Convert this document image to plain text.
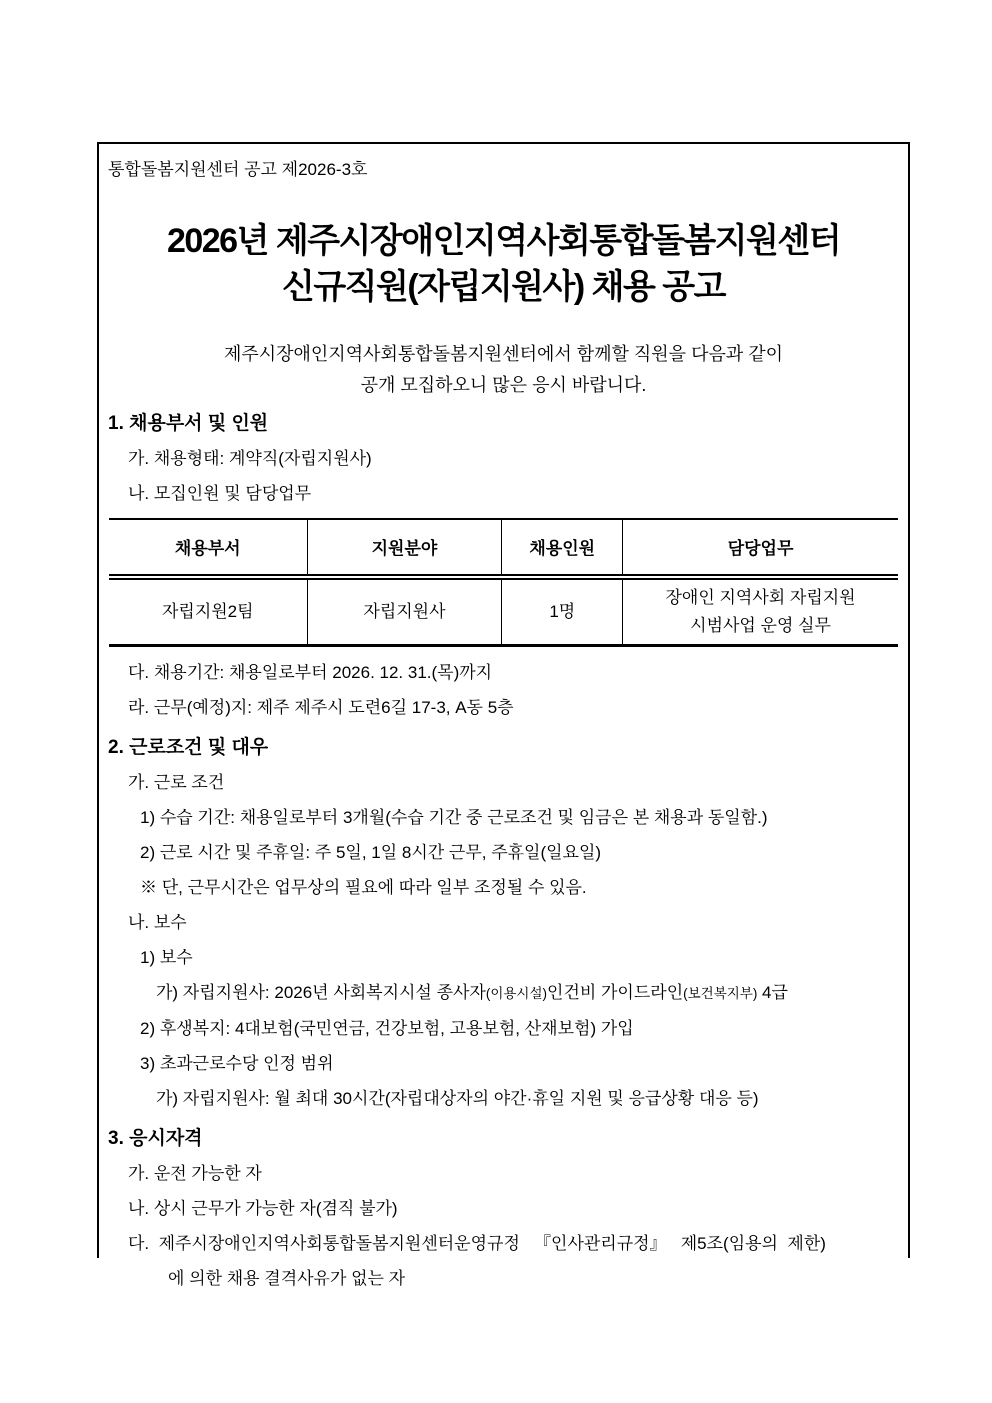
통합돌봄지원센터 공고 제2026-3호
2026년 제주시장애인지역사회통합돌봄지원센터
신규직원(자립지원사) 채용 공고

제주시장애인지역사회통합돌봄지원센터에서 함께할 직원을 다음과 같이
공개 모집하오니 많은 응시 바랍니다.

1. 채용부서 및 인원
가. 채용형태: 계약직(자립지원사)
나. 모집인원 및 담당업무
채용부서	지원분야	채용인원	담당업무
자립지원2팀	자립지원사	1명	장애인 지역사회 자립지원
시범사업 운영 실무
다. 채용기간: 채용일로부터 2026. 12. 31.(목)까지
라. 근무(예정)지: 제주 제주시 도련6길 17-3, A동 5층
2. 근로조건 및 대우
가. 근로 조건
1) 수습 기간: 채용일로부터 3개월(수습 기간 중 근로조건 및 임금은 본 채용과 동일함.)
2) 근로 시간 및 주휴일: 주 5일, 1일 8시간 근무, 주휴일(일요일)
※ 단, 근무시간은 업무상의 필요에 따라 일부 조정될 수 있음.
나. 보수
1) 보수
가) 자립지원사: 2026년 사회복지시설 종사자(이용시설)인건비 가이드라인(보건복지부) 4급
2) 후생복지: 4대보험(국민연금, 건강보험, 고용보험, 산재보험) 가입
3) 초과근로수당 인정 범위
가) 자립지원사: 월 최대 30시간(자립대상자의 야간·휴일 지원 및 응급상황 대응 등)
3. 응시자격
가. 운전 가능한 자
나. 상시 근무가 가능한 자(겸직 불가)
다.  제주시장애인지역사회통합돌봄지원센터운영규정   『인사관리규정』   제5조(임용의  제한)
에 의한 채용 결격사유가 없는 자
